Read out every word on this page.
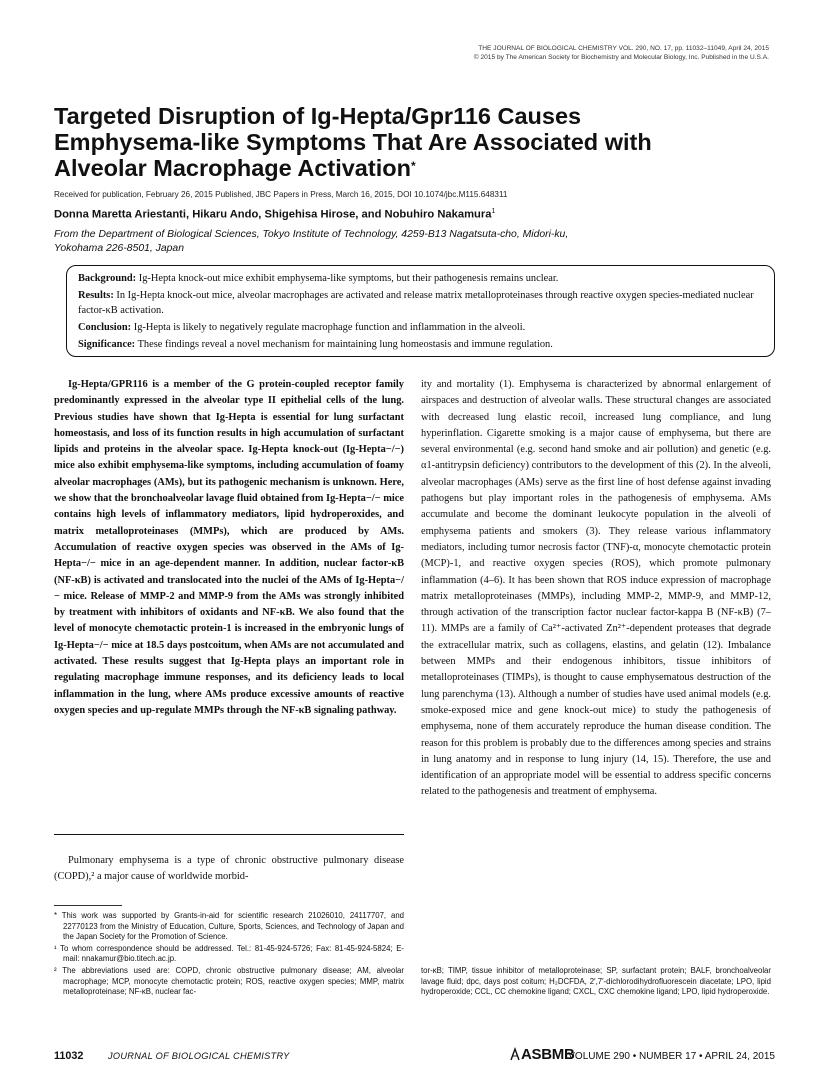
THE JOURNAL OF BIOLOGICAL CHEMISTRY VOL. 290, NO. 17, pp. 11032–11049, April 24, 2015
© 2015 by The American Society for Biochemistry and Molecular Biology, Inc. Published in the U.S.A.
Targeted Disruption of Ig-Hepta/Gpr116 Causes
Emphysema-like Symptoms That Are Associated with
Alveolar Macrophage Activation*
Received for publication, February 26, 2015 Published, JBC Papers in Press, March 16, 2015, DOI 10.1074/jbc.M115.648311
Donna Maretta Ariestanti, Hikaru Ando, Shigehisa Hirose, and Nobuhiro Nakamura$^1$
From the Department of Biological Sciences, Tokyo Institute of Technology, 4259-B13 Nagatsuta-cho, Midori-ku,
Yokohama 226-8501, Japan

Background: Ig-Hepta knock-out mice exhibit emphysema-like symptoms, but their pathogenesis remains unclear.

Results: In Ig-Hepta knock-out mice, alveolar macrophages are activated and release matrix metalloproteinases through reactive oxygen species-mediated nuclear factor-κB activation.

Conclusion: Ig-Hepta is likely to negatively regulate macrophage function and inflammation in the alveoli.

Significance: These findings reveal a novel mechanism for maintaining lung homeostasis and immune regulation.

Ig-Hepta/GPR116 is a member of the G protein-coupled receptor family predominantly expressed in the alveolar type II epithelial cells of the lung. Previous studies have shown that Ig-Hepta is essential for lung surfactant homeostasis, and loss of its function results in high accumulation of surfactant lipids and proteins in the alveolar space. Ig-Hepta knock-out (Ig-Hepta−/−) mice also exhibit emphysema-like symptoms, including accumulation of foamy alveolar macrophages (AMs), but its pathogenic mechanism is unknown. Here, we show that the bronchoalveolar lavage fluid obtained from Ig-Hepta−/− mice contains high levels of inflammatory mediators, lipid hydroperoxides, and matrix metalloproteinases (MMPs), which are produced by AMs. Accumulation of reactive oxygen species was observed in the AMs of Ig-Hepta−/− mice in an age-dependent manner. In addition, nuclear factor-κB (NF-κB) is activated and translocated into the nuclei of the AMs of Ig-Hepta−/− mice. Release of MMP-2 and MMP-9 from the AMs was strongly inhibited by treatment with inhibitors of oxidants and NF-κB. We also found that the level of monocyte chemotactic protein-1 is increased in the embryonic lungs of Ig-Hepta−/− mice at 18.5 days postcoitum, when AMs are not accumulated and activated. These results suggest that Ig-Hepta plays an important role in regulating macrophage immune responses, and its deficiency leads to local inflammation in the lung, where AMs produce excessive amounts of reactive oxygen species and up-regulate MMPs through the NF-κB signaling pathway.

Pulmonary emphysema is a type of chronic obstructive pulmonary disease (COPD),² a major cause of worldwide morbid-

ity and mortality (1). Emphysema is characterized by abnormal enlargement of airspaces and destruction of alveolar walls. These structural changes are associated with decreased lung elastic recoil, increased lung compliance, and lung hyperinflation. Cigarette smoking is a major cause of emphysema, but there are several environmental (e.g. second hand smoke and air pollution) and genetic (e.g. α1-antitrypsin deficiency) contributors to the development of this (2). In the alveoli, alveolar macrophages (AMs) serve as the first line of host defense against invading pathogens but play important roles in the pathogenesis of emphysema. AMs accumulate and become the dominant leukocyte population in the alveoli of emphysema patients and smokers (3). They release various inflammatory mediators, including tumor necrosis factor (TNF)-α, monocyte chemotactic protein (MCP)-1, and reactive oxygen species (ROS), which promote pulmonary inflammation (4–6). It has been shown that ROS induce expression of macrophage matrix metalloproteinases (MMPs), including MMP-2, MMP-9, and MMP-12, through activation of the transcription factor nuclear factor-kappa B (NF-κB) (7–11). MMPs are a family of Ca²⁺-activated Zn²⁺-dependent proteases that degrade the extracellular matrix, such as collagens, elastins, and gelatin (12). Imbalance between MMPs and their endogenous inhibitors, tissue inhibitors of metalloproteinases (TIMPs), is thought to cause emphysematous destruction of the lung parenchyma (13). Although a number of studies have used animal models (e.g. smoke-exposed mice and gene knock-out mice) to study the pathogenesis of emphysema, none of them accurately reproduce the human disease condition. The reason for this problem is probably due to the differences among species and strains in lung anatomy and in response to lung injury (14, 15). Therefore, the use and identification of an appropriate model will be essential to address specific concerns related to the pathogenesis and treatment of emphysema.

* This work was supported by Grants-in-aid for scientific research 21026010, 24117707, and 22770123 from the Ministry of Education, Culture, Sports, Sciences, and Technology of Japan and the Japan Society for the Promotion of Science.

¹ To whom correspondence should be addressed. Tel.: 81-45-924-5726; Fax: 81-45-924-5824; E-mail: nnakamur@bio.titech.ac.jp.

² The abbreviations used are: COPD, chronic obstructive pulmonary disease; AM, alveolar macrophage; MCP, monocyte chemotactic protein; ROS, reactive oxygen species; MMP, matrix metalloproteinase; NF-κB, nuclear fac-

tor-κB; TIMP, tissue inhibitor of metalloproteinase; SP, surfactant protein; BALF, bronchoalveolar lavage fluid; dpc, days post coitum; H₂DCFDA, 2′,7′-dichlorodihydrofluorescein diacetate; LPO, lipid hydroperoxide; CCL, CC chemokine ligand; CXCL, CXC chemokine ligand; LPO, lipid hydroperoxide.
11032	JOURNAL OF BIOLOGICAL CHEMISTRY	ASBMB
VOLUME 290 • NUMBER 17 • APRIL 24, 2015
